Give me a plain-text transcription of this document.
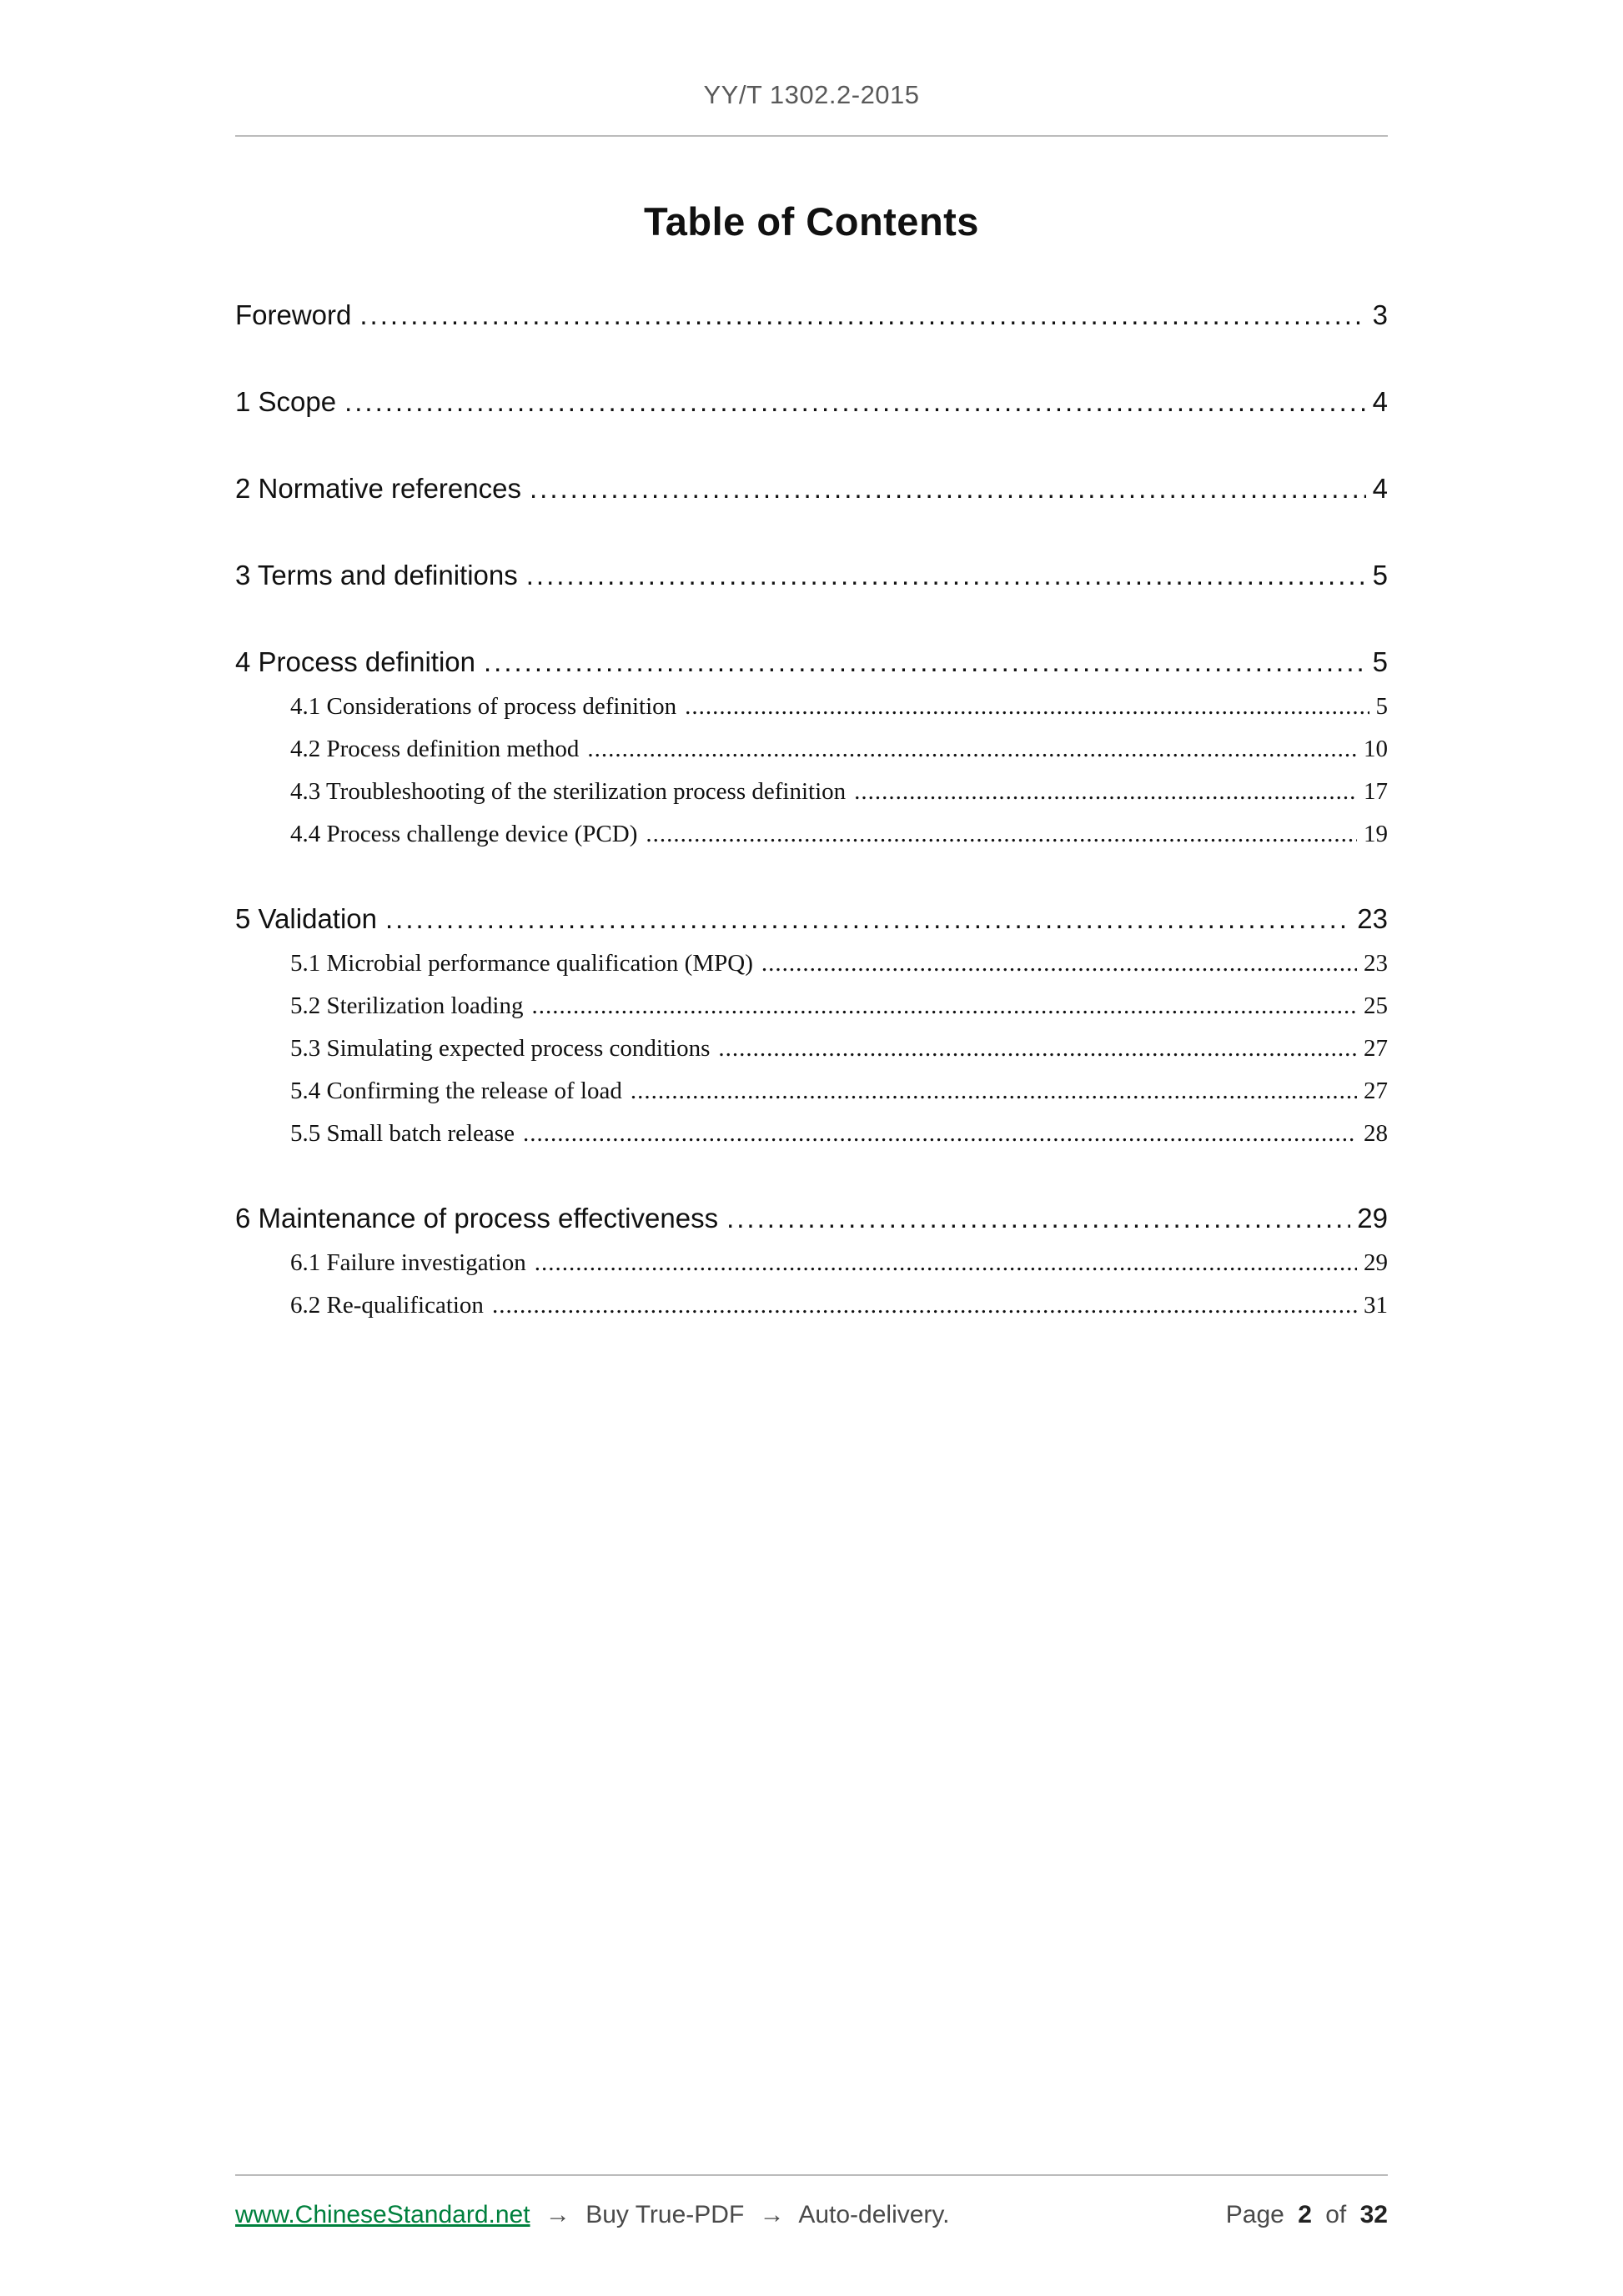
YY/T 1302.2-2015
Table of Contents
Foreword .....	3
1 Scope .....	4
2 Normative references .....	4
3 Terms and definitions .....	5
4 Process definition .....	5
4.1 Considerations of process definition .....	5
4.2 Process definition method .....	10
4.3 Troubleshooting of the sterilization process definition .....	17
4.4 Process challenge device (PCD) .....	19
5 Validation .....	23
5.1 Microbial performance qualification (MPQ) .....	23
5.2 Sterilization loading .....	25
5.3 Simulating expected process conditions .....	27
5.4 Confirming the release of load .....	27
5.5 Small batch release .....	28
6 Maintenance of process effectiveness .....	29
6.1 Failure investigation .....	29
6.2 Re-qualification .....	31
www.ChineseStandard.net → Buy True-PDF → Auto-delivery.	Page 2 of 32
